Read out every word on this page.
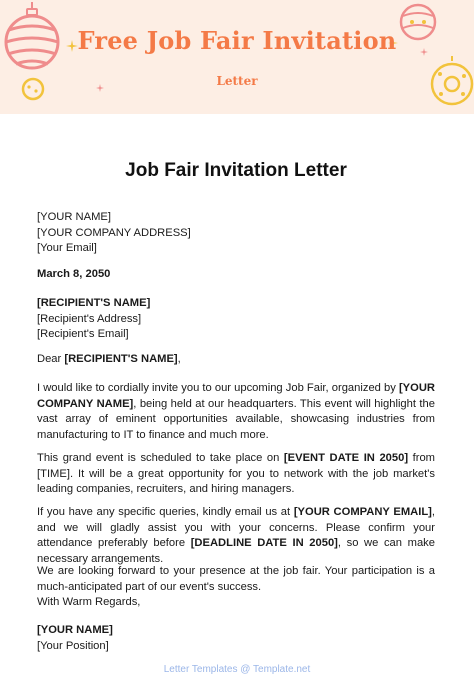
Free Job Fair Invitation
Letter
Job Fair Invitation Letter
[YOUR NAME]
[YOUR COMPANY ADDRESS]
[Your Email]
March 8, 2050
[RECIPIENT'S NAME]
[Recipient's Address]
[Recipient's Email]

Dear [RECIPIENT'S NAME],

I would like to cordially invite you to our upcoming Job Fair, organized by [YOUR COMPANY NAME], being held at our headquarters. This event will highlight the vast array of eminent opportunities available, showcasing industries from manufacturing to IT to finance and much more.

This grand event is scheduled to take place on [EVENT DATE IN 2050] from [TIME]. It will be a great opportunity for you to network with the job market's leading companies, recruiters, and hiring managers.

If you have any specific queries, kindly email us at [YOUR COMPANY EMAIL], and we will gladly assist you with your concerns. Please confirm your attendance preferably before [DEADLINE DATE IN 2050], so we can make necessary arrangements.

We are looking forward to your presence at the job fair. Your participation is a much-anticipated part of our event's success.

With Warm Regards,

[YOUR NAME]
[Your Position]
Letter Templates @ Template.net
